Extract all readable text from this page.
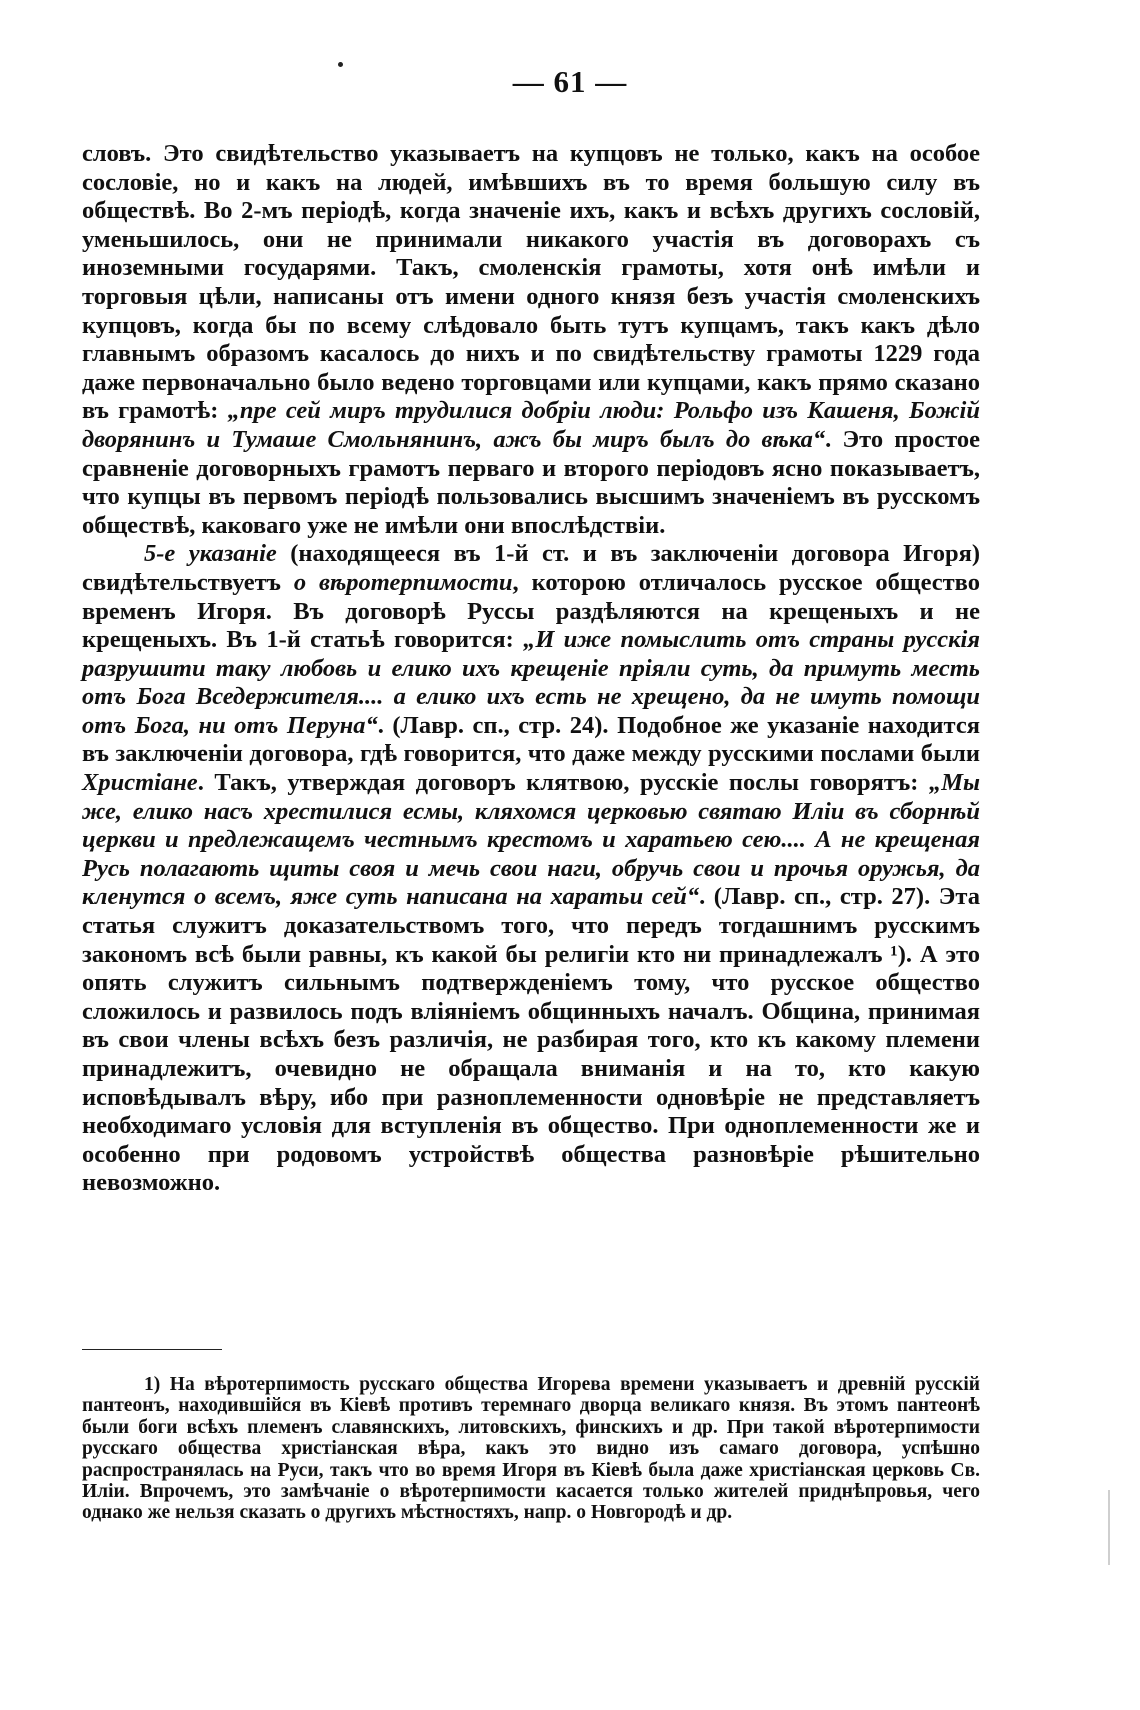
— 61 —

словъ. Это свидѣтельство указываетъ на купцовъ не только, какъ на особое сословіе, но и какъ на людей, имѣвшихъ въ то время большую силу въ обществѣ. Во 2-мъ періодѣ, когда значеніе ихъ, какъ и всѣхъ другихъ сословій, уменьшилось, они не принимали никакого участія въ договорахъ съ иноземными государями. Такъ, смоленскія грамоты, хотя онѣ имѣли и торговыя цѣли, написаны отъ имени одного князя безъ участія смоленскихъ купцовъ, когда бы по всему слѣдовало быть тутъ купцамъ, такъ какъ дѣло главнымъ образомъ касалось до нихъ и по свидѣтельству грамоты 1229 года даже первоначально было ведено торговцами или купцами, какъ прямо сказано въ грамотѣ: „пре сей миръ трудилися добріи люди: Рольфо изъ Кашеня, Божій дворянинъ и Тумаше Смольнянинъ, ажъ бы миръ былъ до вѣка“. Это простое сравненіе договорныхъ грамотъ перваго и второго періодовъ ясно показываетъ, что купцы въ первомъ періодѣ пользовались высшимъ значеніемъ въ русскомъ обществѣ, каковаго уже не имѣли они впослѣдствіи.

5-е указаніе (находящееся въ 1-й ст. и въ заключеніи договора Игоря) свидѣтельствуетъ о вѣротерпимости, которою отличалось русское общество временъ Игоря. Въ договорѣ Руссы раздѣляются на крещеныхъ и не крещеныхъ. Въ 1-й статьѣ говорится: „И иже помыслить отъ страны русскія разрушити таку любовь и елико ихъ крещеніе пріяли суть, да примуть месть отъ Бога Вседержителя.... а елико ихъ есть не хрещено, да не имуть помощи отъ Бога, ни отъ Перуна“. (Лавр. сп., стр. 24). Подобное же указаніе находится въ заключеніи договора, гдѣ говорится, что даже между русскими послами были Христіане. Такъ, утверждая договоръ клятвою, русскіе послы говорятъ: „Мы же, елико насъ хрестилися есмы, кляхомся церковью святаю Иліи въ сборнѣй церкви и предлежащемъ честнымъ крестомъ и харатьею сею.... А не крещеная Русь полагають щиты своя и мечь свои наги, обручь свои и прочья оружья, да кленутся о всемъ, яже суть написана на харатьи сей“. (Лавр. сп., стр. 27). Эта статья служитъ доказательствомъ того, что передъ тогдашнимъ русскимъ закономъ всѣ были равны, къ какой бы религіи кто ни принадлежалъ ¹). А это опять служитъ сильнымъ подтвержденіемъ тому, что русское общество сложилось и развилось подъ вліяніемъ общинныхъ началъ. Община, принимая въ свои члены всѣхъ безъ различія, не разбирая того, кто къ какому племени принадлежитъ, очевидно не обращала вниманія и на то, кто какую исповѣдывалъ вѣру, ибо при разноплеменности одновѣріе не представляетъ необходимаго условія для вступленія въ общество. При одноплеменности же и особенно при родовомъ устройствѣ общества разновѣріе рѣшительно невозможно.

1) На вѣротерпимость русскаго общества Игорева времени указываетъ и древній русскій пантеонъ, находившійся въ Кіевѣ противъ теремнаго дворца великаго князя. Въ этомъ пантеонѣ были боги всѣхъ племенъ славянскихъ, литовскихъ, финскихъ и др. При такой вѣротерпимости русскаго общества христіанская вѣра, какъ это видно изъ самаго договора, успѣшно распространялась на Руси, такъ что во время Игоря въ Кіевѣ была даже христіанская церковь Св. Иліи. Впрочемъ, это замѣчаніе о вѣротерпимости касается только жителей приднѣпровья, чего однако же нельзя сказать о другихъ мѣстностяхъ, напр. о Новгородѣ и др.
